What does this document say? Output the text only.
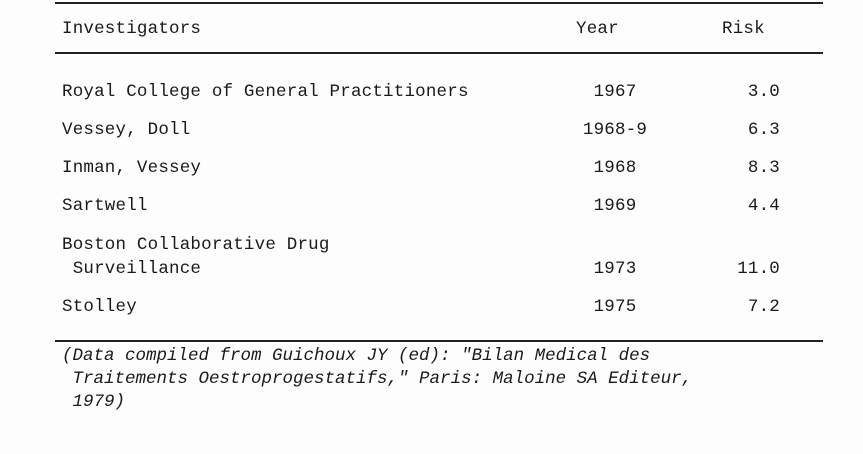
Investigators	Year	Risk
Royal College of General Practitioners	1967	3.0
Vessey, Doll	1968-9	6.3
Inman, Vessey	1968	8.3
Sartwell	1969	4.4
Boston Collaborative Drug
Surveillance	1973	11.0
Stolley	1975	7.2
(Data compiled from Guichoux JY (ed): "Bilan Medical des
Traitements Oestroprogestatifs," Paris: Maloine SA Editeur,
1979)
